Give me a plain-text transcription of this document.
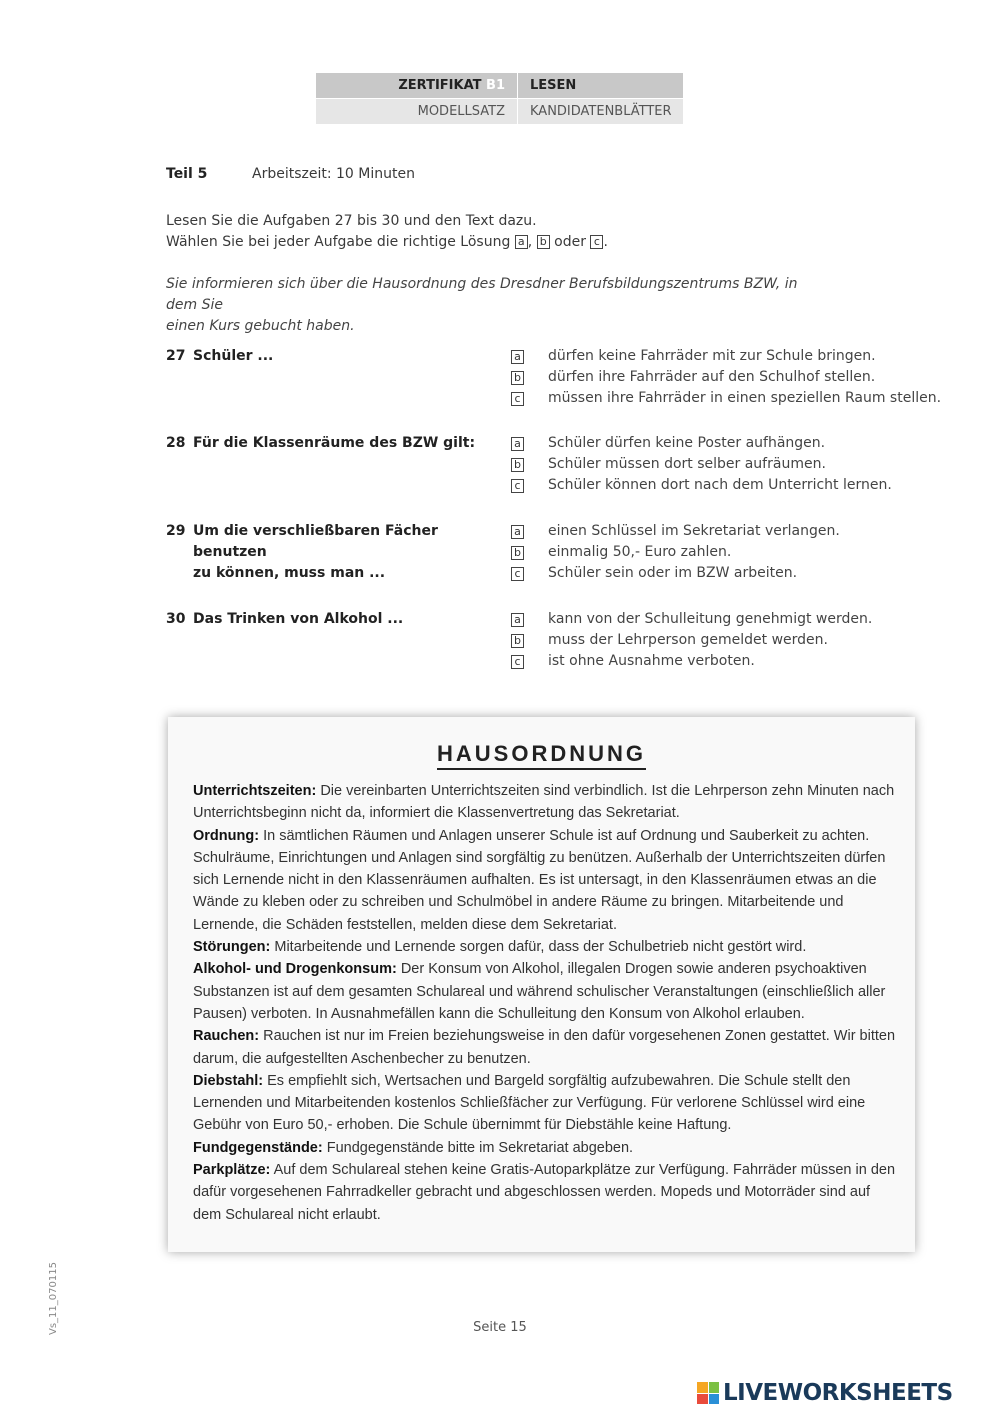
ZERTIFIKAT B1	LESEN
MODELLSATZ	KANDIDATENBLÄTTER
Teil 5	Arbeitszeit: 10 Minuten
Lesen Sie die Aufgaben 27 bis 30 und den Text dazu.
Wählen Sie bei jeder Aufgabe die richtige Lösung a , b oder c .
Sie informieren sich über die Hausordnung des Dresdner Berufsbildungszentrums BZW, in dem Sie
einen Kurs gebucht haben.
27 Schüler ...	a dürfen keine Fahrräder mit zur Schule bringen.
b dürfen ihre Fahrräder auf den Schulhof stellen.
c müssen ihre Fahrräder in einen speziellen Raum stellen.
28 Für die Klassenräume des BZW gilt:	a Schüler dürfen keine Poster aufhängen.
b Schüler müssen dort selber aufräumen.
c Schüler können dort nach dem Unterricht lernen.
29 Um die verschließbaren Fächer benutzen
zu können, muss man ...
a einen Schlüssel im Sekretariat verlangen.
b einmalig 50,- Euro zahlen.
c Schüler sein oder im BZW arbeiten.
30 Das Trinken von Alkohol ...	a kann von der Schulleitung genehmigt werden.
b muss der Lehrperson gemeldet werden.
c ist ohne Ausnahme verboten.
HAUSORDNUNG

Unterrichtszeiten: Die vereinbarten Unterrichtszeiten sind verbindlich. Ist die Lehrperson zehn Minuten nach Unterrichtsbeginn nicht da, informiert die Klassenvertretung das Sekretariat.

Ordnung: In sämtlichen Räumen und Anlagen unserer Schule ist auf Ordnung und Sauberkeit zu achten. Schulräume, Einrichtungen und Anlagen sind sorgfältig zu benützen. Außerhalb der Unterrichtszeiten dürfen sich Lernende nicht in den Klassenräumen aufhalten. Es ist untersagt, in den Klassenräumen etwas an die Wände zu kleben oder zu schreiben und Schulmöbel in andere Räume zu bringen. Mitarbeitende und Lernende, die Schäden feststellen, melden diese dem Sekretariat.

Störungen: Mitarbeitende und Lernende sorgen dafür, dass der Schulbetrieb nicht gestört wird.

Alkohol- und Drogenkonsum: Der Konsum von Alkohol, illegalen Drogen sowie anderen psychoaktiven Substanzen ist auf dem gesamten Schulareal und während schulischer Veranstaltungen (einschließlich aller Pausen) verboten. In Ausnahmefällen kann die Schulleitung den Konsum von Alkohol erlauben.

Rauchen: Rauchen ist nur im Freien beziehungsweise in den dafür vorgesehenen Zonen gestattet. Wir bitten darum, die aufgestellten Aschenbecher zu benutzen.

Diebstahl: Es empfiehlt sich, Wertsachen und Bargeld sorgfältig aufzubewahren. Die Schule stellt den Lernenden und Mitarbeitenden kostenlos Schließfächer zur Verfügung. Für verlorene Schlüssel wird eine Gebühr von Euro 50,- erhoben. Die Schule übernimmt für Diebstähle keine Haftung.

Fundgegenstände: Fundgegenstände bitte im Sekretariat abgeben.

Parkplätze: Auf dem Schulareal stehen keine Gratis-Autoparkplätze zur Verfügung. Fahrräder müssen in den dafür vorgesehenen Fahrradkeller gebracht und abgeschlossen werden. Mopeds und Motorräder sind auf dem Schulareal nicht erlaubt.

Vs_11_070115	Seite 15
LIVEWORKSHEETS
